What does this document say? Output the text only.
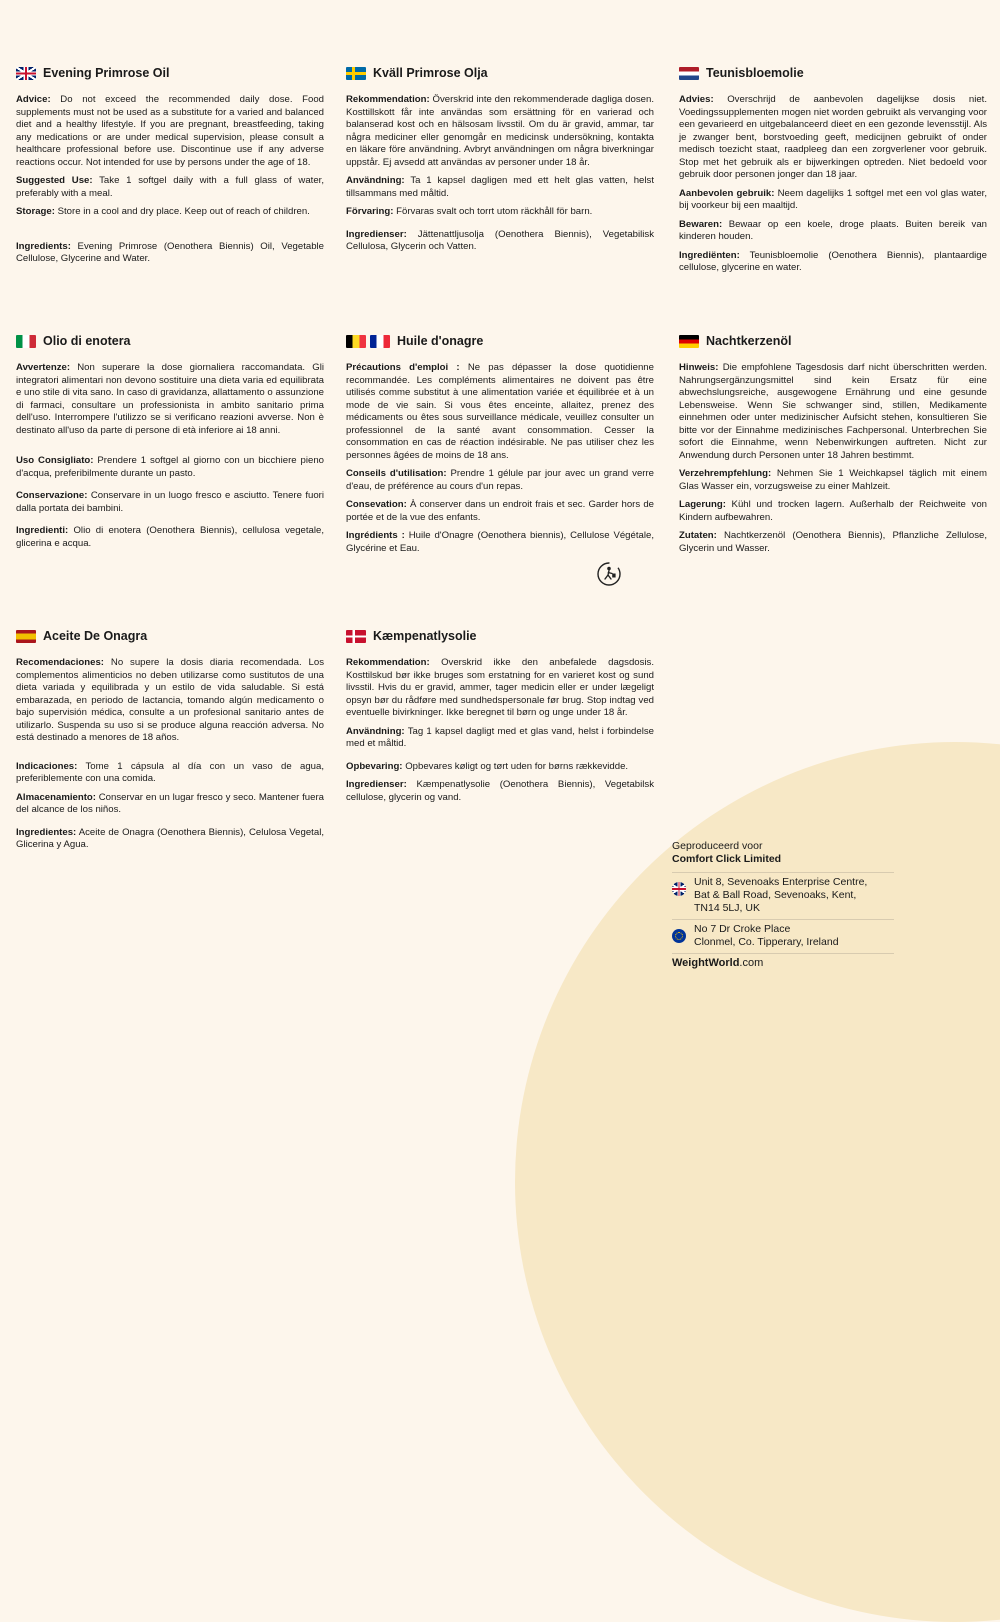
Evening Primrose Oil

Advice: Do not exceed the recommended daily dose. Food supplements must not be used as a substitute for a varied and balanced diet and a healthy lifestyle. If you are pregnant, breastfeeding, taking any medications or are under medical supervision, please consult a healthcare professional before use. Discontinue use if any adverse reactions occur. Not intended for use by persons under the age of 18.

Suggested Use: Take 1 softgel daily with a full glass of water, preferably with a meal.

Storage: Store in a cool and dry place. Keep out of reach of children.

Ingredients: Evening Primrose (Oenothera Biennis) Oil, Vegetable Cellulose, Glycerine and Water.

Kväll Primrose Olja

Rekommendation: Överskrid inte den rekommenderade dagliga dosen. Kosttillskott får inte användas som ersättning för en varierad och balanserad kost och en hälsosam livsstil. Om du är gravid, ammar, tar några mediciner eller genomgår en medicinsk undersökning, kontakta en läkare före användning. Avbryt användningen om några biverkningar uppstår. Ej avsedd att användas av personer under 18 år.

Användning: Ta 1 kapsel dagligen med ett helt glas vatten, helst tillsammans med måltid.

Förvaring: Förvaras svalt och torrt utom räckhåll för barn.

Ingredienser: Jättenattljusolja (Oenothera Biennis), Vegetabilisk Cellulosa, Glycerin och Vatten.

Teunisbloemolie

Advies: Overschrijd de aanbevolen dagelijkse dosis niet. Voedingssupplementen mogen niet worden gebruikt als vervanging voor een gevarieerd en uitgebalanceerd dieet en een gezonde levensstijl. Als je zwanger bent, borstvoeding geeft, medicijnen gebruikt of onder medisch toezicht staat, raadpleeg dan een zorgverlener voor gebruik. Stop met het gebruik als er bijwerkingen optreden. Niet bedoeld voor gebruik door personen jonger dan 18 jaar.

Aanbevolen gebruik: Neem dagelijks 1 softgel met een vol glas water, bij voorkeur bij een maaltijd.

Bewaren: Bewaar op een koele, droge plaats. Buiten bereik van kinderen houden.

Ingrediënten: Teunisbloemolie (Oenothera Biennis), plantaardige cellulose, glycerine en water.

Olio di enotera

Avvertenze: Non superare la dose giornaliera raccomandata. Gli integratori alimentari non devono sostituire una dieta varia ed equilibrata e uno stile di vita sano. In caso di gravidanza, allattamento o assunzione di farmaci, consultare un professionista in ambito sanitario prima dell'uso. Interrompere l'utilizzo se si verificano reazioni avverse. Non è destinato all'uso da parte di persone di età inferiore ai 18 anni.

Uso Consigliato: Prendere 1 softgel al giorno con un bicchiere pieno d'acqua, preferibilmente durante un pasto.

Conservazione: Conservare in un luogo fresco e asciutto. Tenere fuori dalla portata dei bambini.

Ingredienti: Olio di enotera (Oenothera Biennis), cellulosa vegetale, glicerina e acqua.

Huile d'onagre

Précautions d'emploi : Ne pas dépasser la dose quotidienne recommandée. Les compléments alimentaires ne doivent pas être utilisés comme substitut à une alimentation variée et équilibrée et à un mode de vie sain. Si vous êtes enceinte, allaitez, prenez des médicaments ou êtes sous surveillance médicale, veuillez consulter un professionnel de la santé avant consommation. Cesser la consommation en cas de réaction indésirable. Ne pas utiliser chez les personnes âgées de moins de 18 ans.

Conseils d'utilisation: Prendre 1 gélule par jour avec un grand verre d'eau, de préférence au cours d'un repas.

Consevation: À conserver dans un endroit frais et sec. Garder hors de portée et de la vue des enfants.

Ingrédients : Huile d'Onagre (Oenothera biennis), Cellulose Végétale, Glycérine et Eau.

Nachtkerzenöl

Hinweis: Die empfohlene Tagesdosis darf nicht überschritten werden. Nahrungsergänzungsmittel sind kein Ersatz für eine abwechslungsreiche, ausgewogene Ernährung und eine gesunde Lebensweise. Wenn Sie schwanger sind, stillen, Medikamente einnehmen oder unter medizinischer Aufsicht stehen, konsultieren Sie bitte vor der Einnahme medizinisches Fachpersonal. Unterbrechen Sie sofort die Einnahme, wenn Nebenwirkungen auftreten. Nicht zur Anwendung durch Personen unter 18 Jahren bestimmt.

Verzehrempfehlung: Nehmen Sie 1 Weichkapsel täglich mit einem Glas Wasser ein, vorzugsweise zu einer Mahlzeit.

Lagerung: Kühl und trocken lagern. Außerhalb der Reichweite von Kindern aufbewahren.

Zutaten: Nachtkerzenöl (Oenothera Biennis), Pflanzliche Zellulose, Glycerin und Wasser.

Aceite De Onagra

Recomendaciones: No supere la dosis diaria recomendada. Los complementos alimenticios no deben utilizarse como sustitutos de una dieta variada y equilibrada y un estilo de vida saludable. Si está embarazada, en periodo de lactancia, tomando algún medicamento o bajo supervisión médica, consulte a un profesional sanitario antes de utilizarlo. Suspenda su uso si se produce alguna reacción adversa. No está destinado a menores de 18 años.

Indicaciones: Tome 1 cápsula al día con un vaso de agua, preferiblemente con una comida.

Almacenamiento: Conservar en un lugar fresco y seco. Mantener fuera del alcance de los niños.

Ingredientes: Aceite de Onagra (Oenothera Biennis), Celulosa Vegetal, Glicerina y Agua.

Kæmpenatlysolie

Rekommendation: Overskrid ikke den anbefalede dagsdosis. Kosttilskud bør ikke bruges som erstatning for en varieret kost og sund livsstil. Hvis du er gravid, ammer, tager medicin eller er under lægeligt opsyn bør du rådføre med sundhedspersonale før brug. Stop indtag ved eventuelle bivirkninger. Ikke beregnet til børn og unge under 18 år.

Användning: Tag 1 kapsel dagligt med et glas vand, helst i forbindelse med et måltid.

Opbevaring: Opbevares køligt og tørt uden for børns rækkevidde.

Ingredienser: Kæmpenatlysolie (Oenothera Biennis), Vegetabilsk cellulose, glycerin og vand.

Geproduceerd voor

Comfort Click Limited

Unit 8, Sevenoaks Enterprise Centre,
Bat & Ball Road, Sevenoaks, Kent,
TN14 5LJ, UK
No 7 Dr Croke Place
Clonmel, Co. Tipperary, Ireland
WeightWorld.com
